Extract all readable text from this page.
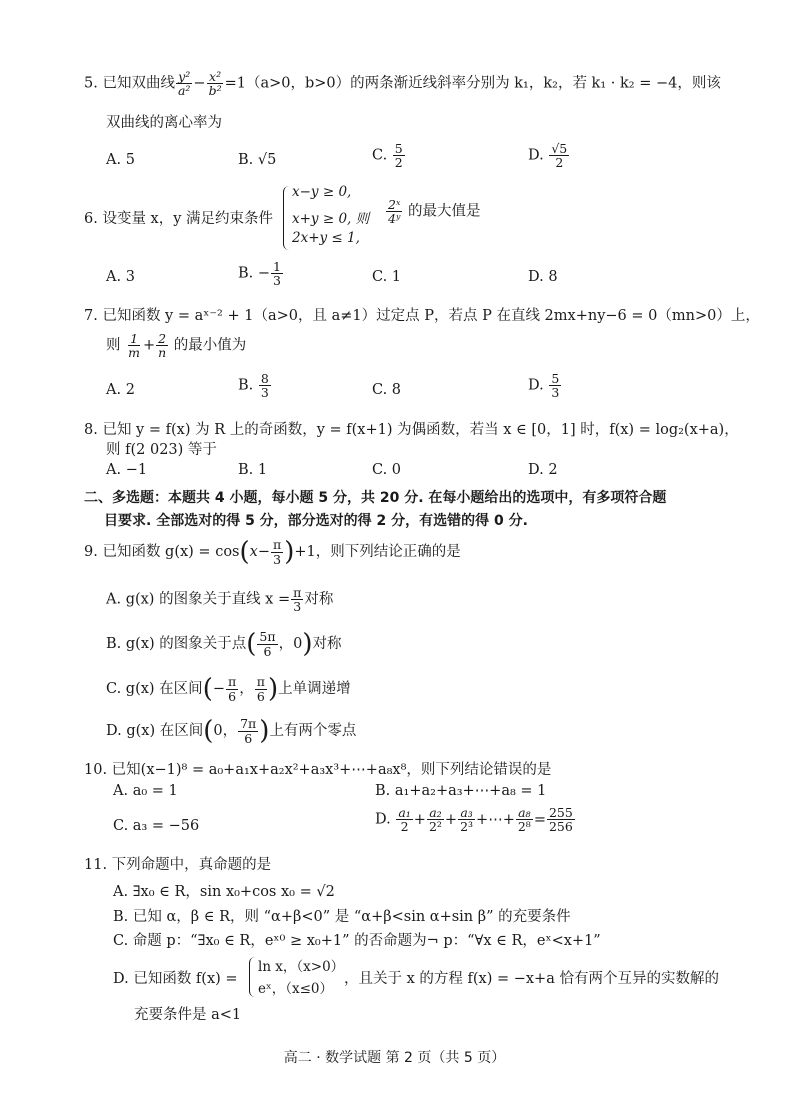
5. 已知双曲线 $\frac{\text{y²}}{\text{a²}} - \frac{\text{x²}}{\text{b²}} =1(a>0$，b>0）的两条渐近线斜率分别为 k₁，k₂，若 k₁ · k₂ = −4，则该
双曲线的离心率为
A. 5	B. √5	C. $\frac{5}{2}$	D. $\frac{√5}{2}$
6. 设变量 x，y 满足约束条件
x−y ≥ 0,
x+y ≥ 0, 则
2x+y ≤ 1,
$\frac{\text{2ˣ}}{\text{4ʸ}}$ 的最大值是
A. 3	B. − $\frac{1}{3}$	C. 1	D. 8
7. 已知函数 y = aˣ⁻² + 1（a>0，且 a≠1）过定点 P，若点 P 在直线 2mx+ny−6 = 0（mn>0）上，
则 $\frac{1}{m} + \frac{2}{n}$ 的最小值为
A. 2	B. $\frac{8}{3}$	C. 8	D. $\frac{5}{3}$
8. 已知 y = f(x) 为 R 上的奇函数，y = f(x+1) 为偶函数，若当 x ∈ [0，1] 时，f(x) = log₂(x+a)，
则 f(2 023) 等于
A. −1	B. 1	C. 0	D. 2
二、多选题：本题共 4 小题，每小题 5 分，共 20 分. 在每小题给出的选项中，有多项符合题
目要求. 全部选对的得 5 分，部分选对的得 2 分，有选错的得 0 分.
9. 已知函数 $g(x) = \cos(x- \frac{\pi}{3} )+1$，则下列结论正确的是
A. g(x) 的图象关于直线 $x = \frac{\pi}{3}$ 对称
B. g(x) 的图象关于点( $\frac{5\pi}{6}$ ，0)对称
C. g(x) 在区间(− $\frac{\pi}{6}$ ， $\frac{\pi}{6}$ )上单调递增
D. g(x) 在区间(0， $\frac{7\pi}{6}$ )上有两个零点
10. 已知(x−1)⁸ = a₀+a₁x+a₂x²+a₃x³+⋯+a₈x⁸，则下列结论错误的是
A. a₀ = 1	B. a₁+a₂+a₃+⋯+a₈ = 1
C. a₃ = −56	D. $\frac{\text{a₁}}{2} + \frac{\text{a₂}}{\text{2²}} + \frac{\text{a₃}}{\text{2³}}$ +⋯+ $\frac{\text{a₈}}{\text{2⁸}} = \frac{255}{256}$
11. 下列命题中，真命题的是
A. ∃x₀ ∈ R，sin x₀+cos x₀ = √2
B. 已知 α，β ∈ R，则 “α+β<0” 是 “α+β<sin α+sin β” 的充要条件
C. 命题 p：“∃x₀ ∈ R，eˣ⁰ ≥ x₀+1” 的否命题为¬ p：“∀x ∈ R，eˣ<x+1”
D. 已知函数 f(x) =
ln x，（x>0）
eˣ，（x≤0）
，且关于 x 的方程 f(x) = −x+a 恰有两个互异的实数解的
充要条件是 a<1
高二 · 数学试题 第 2 页（共 5 页）
